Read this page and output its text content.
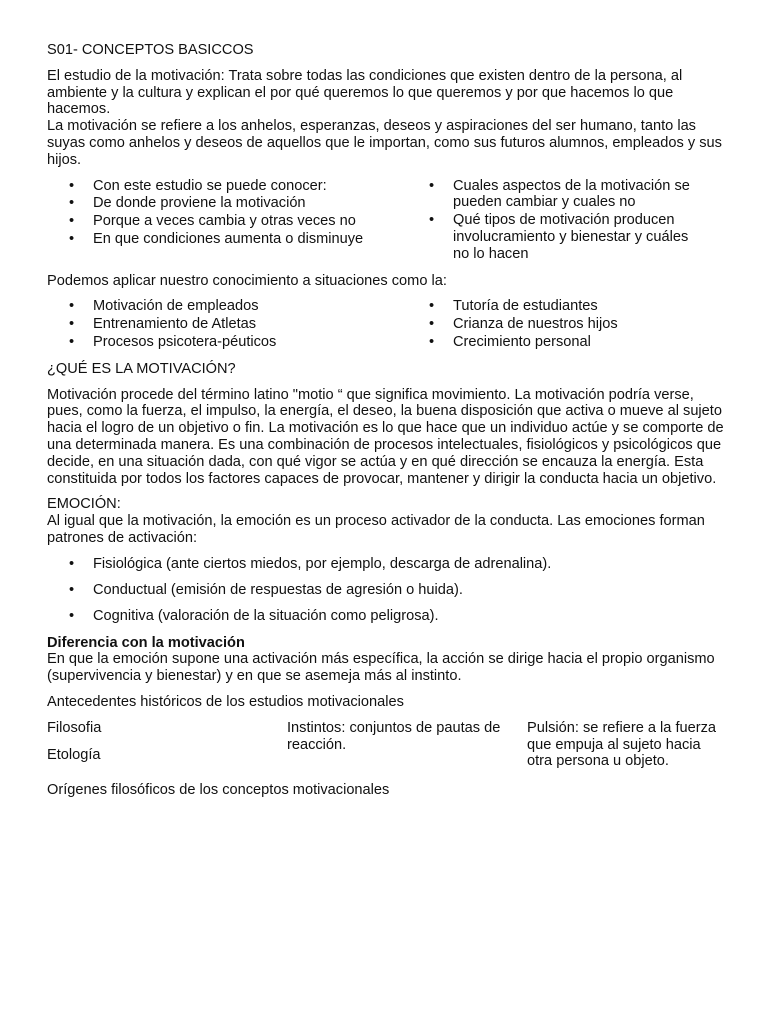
S01- CONCEPTOS BASICCOS

El estudio de la motivación: Trata sobre todas las condiciones que existen dentro de la persona, al ambiente y la cultura y explican el por qué queremos lo que queremos y por que hacemos lo que hacemos.

La motivación se refiere a los anhelos, esperanzas, deseos y aspiraciones del ser humano, tanto las suyas como anhelos y deseos de aquellos que le importan, como sus futuros alumnos, empleados y sus hijos.

• Con este estudio se puede conocer:
• De donde proviene la motivación
• Porque a veces cambia y otras veces no
• En que condiciones aumenta o disminuye
• Cuales aspectos de la motivación se pueden cambiar y cuales no
• Qué tipos de motivación producen involucramiento y bienestar y cuáles no lo hacen

Podemos aplicar nuestro conocimiento a situaciones como la:

• Motivación de empleados
• Entrenamiento de Atletas
• Procesos psicotera-péuticos
• Tutoría de estudiantes
• Crianza de nuestros hijos
• Crecimiento personal

¿QUÉ ES LA MOTIVACIÓN?

Motivación procede del término latino "motio “ que significa movimiento. La motivación podría verse, pues, como la fuerza, el impulso, la energía, el deseo, la buena disposición que activa o mueve al sujeto hacia el logro de un objetivo o fin. La motivación es lo que hace que un individuo actúe y se comporte de una determinada manera. Es una combinación de procesos intelectuales, fisiológicos y psicológicos que decide, en una situación dada, con qué vigor se actúa y en qué dirección se encauza la energía. Esta constituida por todos los factores capaces de provocar, mantener y dirigir la conducta hacia un objetivo.

EMOCIÓN:

Al igual que la motivación, la emoción es un proceso activador de la conducta. Las emociones forman patrones de activación:

• Fisiológica (ante ciertos miedos, por ejemplo, descarga de adrenalina).
• Conductual (emisión de respuestas de agresión o huida).
• Cognitiva (valoración de la situación como peligrosa).

Diferencia con la motivación

En que la emoción supone una activación más específica, la acción se dirige hacia el propio organismo (supervivencia y bienestar) y en que se asemeja más al instinto.

Antecedentes históricos de los estudios motivacionales

Filosofia

Etología

Instintos: conjuntos de pautas de reacción.

Pulsión: se refiere a la fuerza que empuja al sujeto hacia otra persona u objeto.

Orígenes filosóficos de los conceptos motivacionales
